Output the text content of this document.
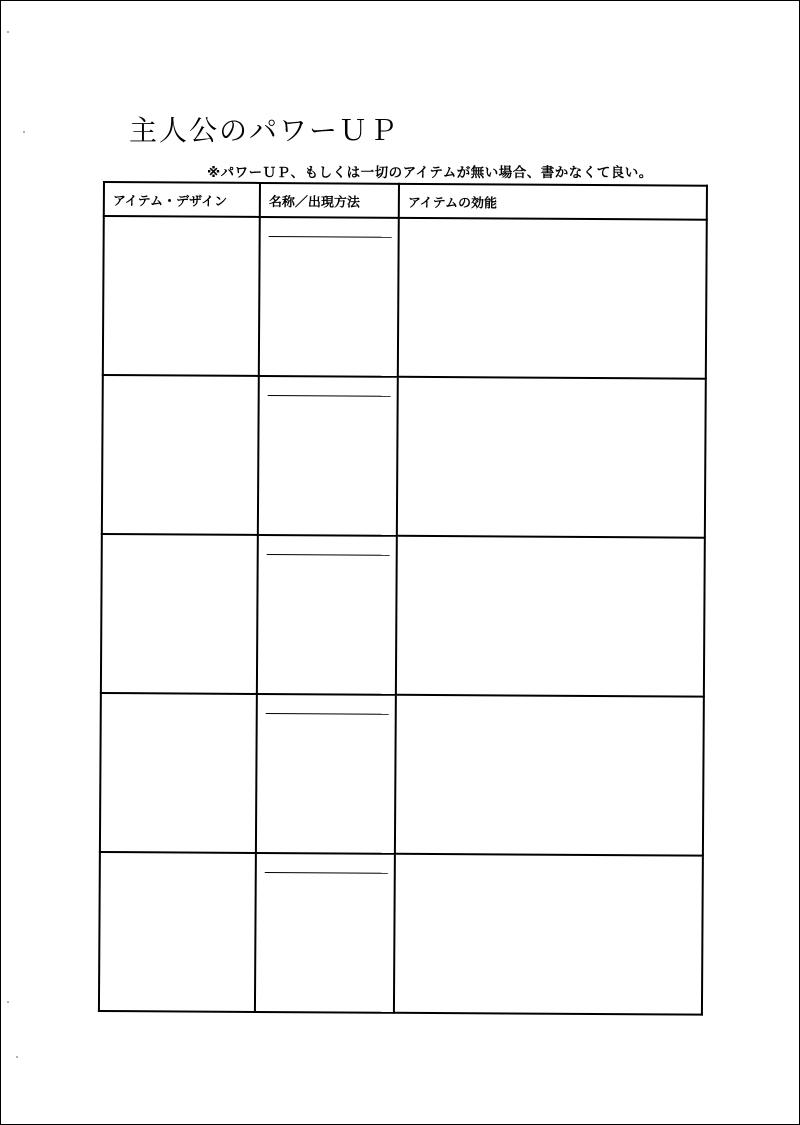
主人公のパワーＵＰ
※パワーＵＰ、もしくは一切のアイテムが無い場合、書かなくて良い。
アイテム・デザイン	名称／出現方法	アイテムの効能
